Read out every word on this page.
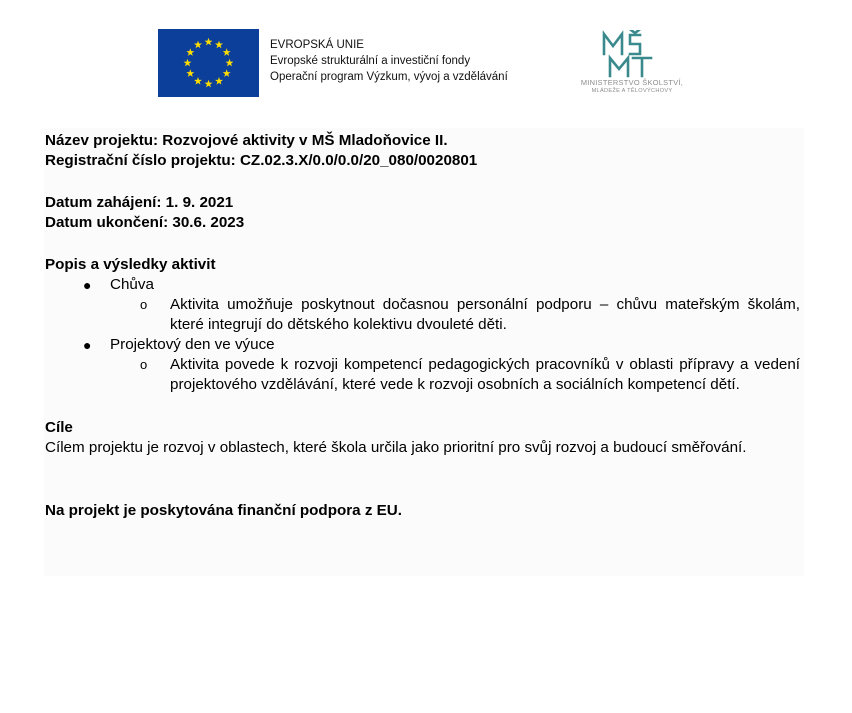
EVROPSKÁ UNIE
Evropské strukturální a investiční fondy
Operační program Výzkum, vývoj a vzdělávání	MINISTERSTVO ŠKOLSTVÍ,
MLÁDEŽE A TĚLOVÝCHOVY
Název projektu: Rozvojové aktivity v MŠ Mladoňovice II.
Registrační číslo projektu: CZ.02.3.X/0.0/0.0/20_080/0020801
Datum zahájení: 1. 9. 2021
Datum ukončení: 30.6. 2023
Popis a výsledky aktivit
● Chůva
o Aktivita umožňuje poskytnout dočasnou personální podporu – chůvu mateřským školám, které integrují do dětského kolektivu dvouleté děti.
● Projektový den ve výuce
o Aktivita povede k rozvoji kompetencí pedagogických pracovníků v oblasti přípravy a vedení projektového vzdělávání, které vede k rozvoji osobních a sociálních kompetencí dětí.
Cíle
Cílem projektu je rozvoj v oblastech, které škola určila jako prioritní pro svůj rozvoj a budoucí směřování.
Na projekt je poskytována finanční podpora z EU.
